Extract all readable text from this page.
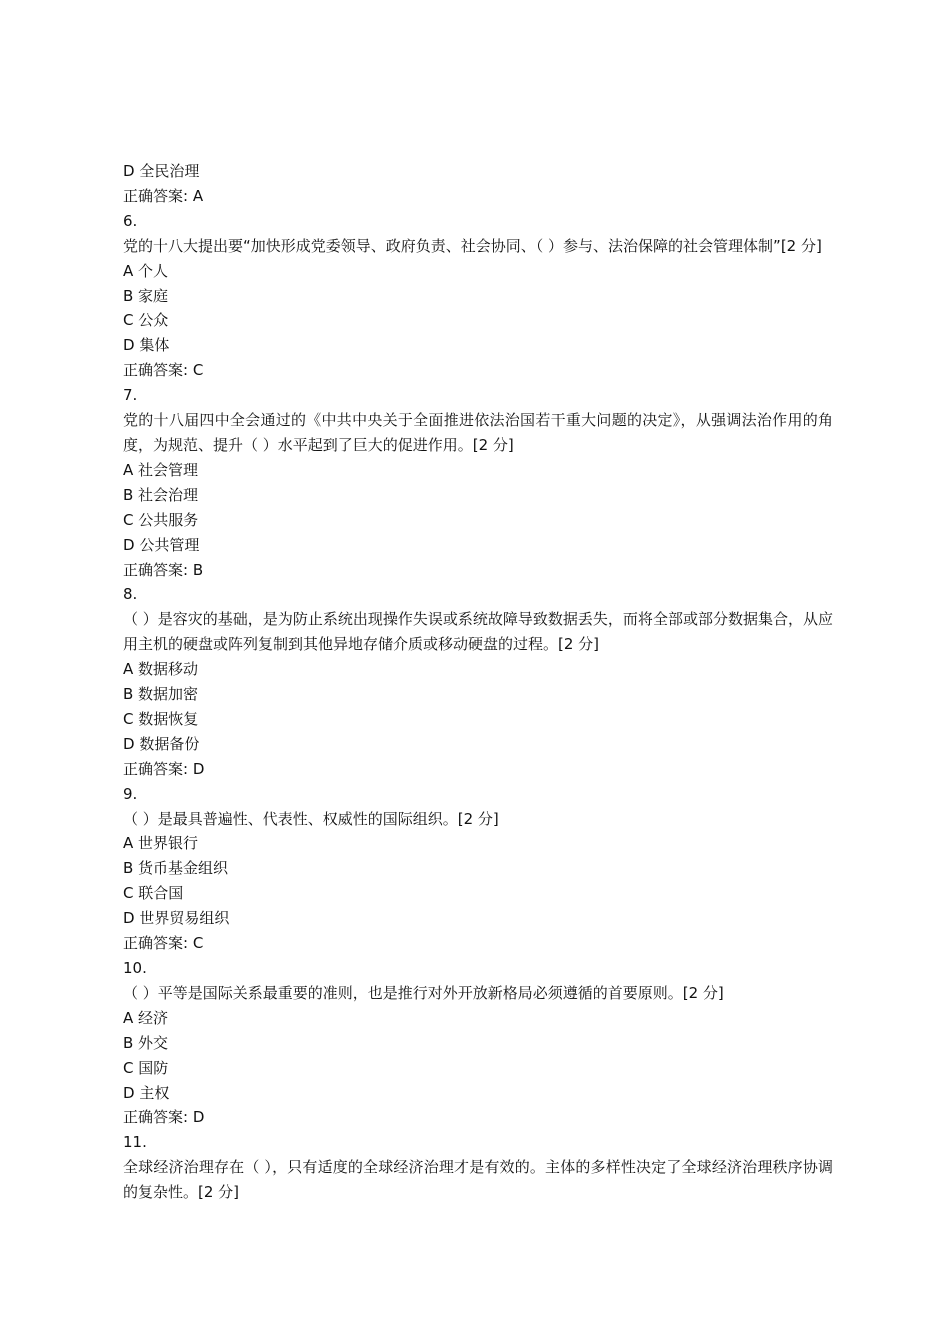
D 全民治理
正确答案: A
6.
党的十八大提出要“加快形成党委领导、政府负责、社会协同、（ ）参与、法治保障的社会管理体制”[2 分]
A 个人
B 家庭
C 公众
D 集体
正确答案: C
7.
党的十八届四中全会通过的《中共中央关于全面推进依法治国若干重大问题的决定》，从强调法治作用的角度，为规范、提升（ ）水平起到了巨大的促进作用。[2 分]
A 社会管理
B 社会治理
C 公共服务
D 公共管理
正确答案: B
8.
（ ）是容灾的基础，是为防止系统出现操作失误或系统故障导致数据丢失，而将全部或部分数据集合，从应用主机的硬盘或阵列复制到其他异地存储介质或移动硬盘的过程。[2 分]
A 数据移动
B 数据加密
C 数据恢复
D 数据备份
正确答案: D
9.
（ ）是最具普遍性、代表性、权威性的国际组织。[2 分]
A 世界银行
B 货币基金组织
C 联合国
D 世界贸易组织
正确答案: C
10.
（ ）平等是国际关系最重要的准则，也是推行对外开放新格局必须遵循的首要原则。[2 分]
A 经济
B 外交
C 国防
D 主权
正确答案: D
11.
全球经济治理存在（ ），只有适度的全球经济治理才是有效的。主体的多样性决定了全球经济治理秩序协调的复杂性。[2 分]
